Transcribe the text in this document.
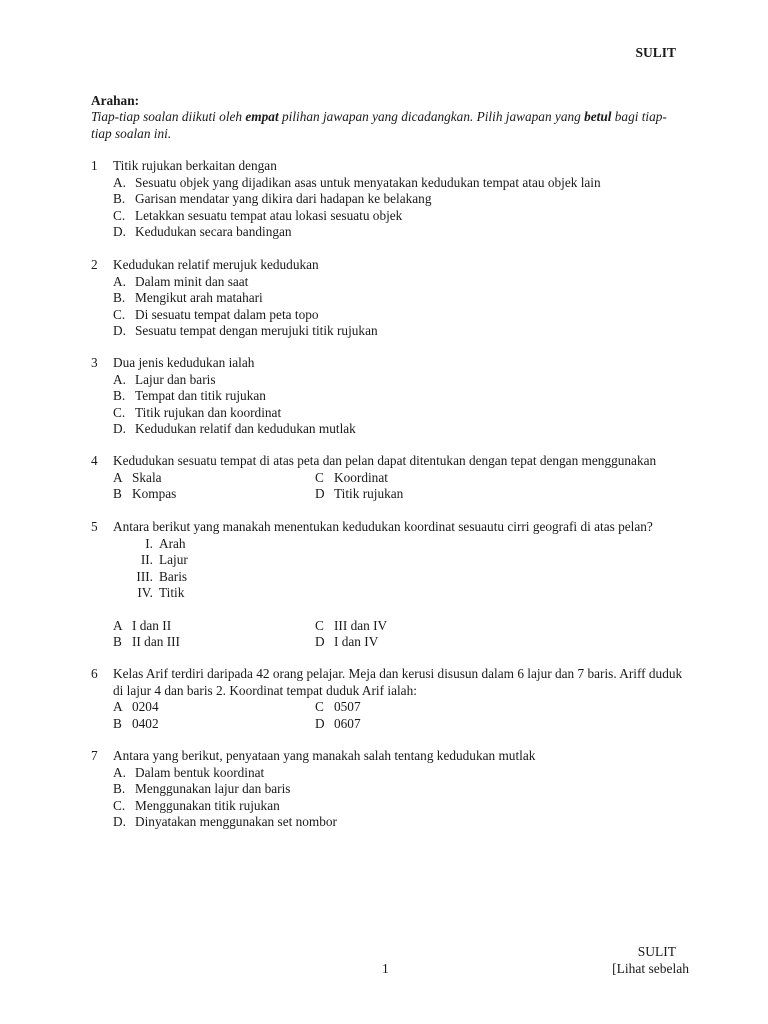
SULIT
Arahan:
Tiap-tiap soalan diikuti oleh empat pilihan jawapan yang dicadangkan. Pilih jawapan yang betul bagi tiap-tiap soalan ini.
1	Titik rujukan berkaitan dengan
A. Sesuatu objek yang dijadikan asas untuk menyatakan kedudukan tempat atau objek lain
B. Garisan mendatar yang dikira dari hadapan ke belakang
C. Letakkan sesuatu tempat atau lokasi sesuatu objek
D. Kedudukan secara bandingan
2	Kedudukan relatif merujuk kedudukan
A. Dalam minit dan saat
B. Mengikut arah matahari
C. Di sesuatu tempat dalam peta topo
D. Sesuatu tempat dengan merujuki titik rujukan
3	Dua jenis kedudukan ialah
A. Lajur dan baris
B. Tempat dan titik rujukan
C. Titik rujukan dan koordinat
D. Kedudukan relatif dan kedudukan mutlak
4	Kedudukan sesuatu tempat di atas peta dan pelan dapat ditentukan dengan tepat dengan menggunakan
A Skala	C Koordinat
B Kompas	D Titik rujukan
5	Antara berikut yang manakah menentukan kedudukan koordinat sesuautu cirri geografi di atas pelan?
I. Arah
II. Lajur
III. Baris
IV. Titik
A I dan II	C III dan IV
B II dan III	D I dan IV
6	Kelas Arif terdiri daripada 42 orang pelajar. Meja dan kerusi disusun dalam 6 lajur dan 7 baris. Ariff duduk di lajur 4 dan baris 2. Koordinat tempat duduk Arif ialah:
A 0204	C 0507
B 0402	D 0607
7	Antara yang berikut, penyataan yang manakah salah tentang kedudukan mutlak
A. Dalam bentuk koordinat
B. Menggunakan lajur dan baris
C. Menggunakan titik rujukan
D. Dinyatakan menggunakan set nombor
SULIT
1	[Lihat sebelah
